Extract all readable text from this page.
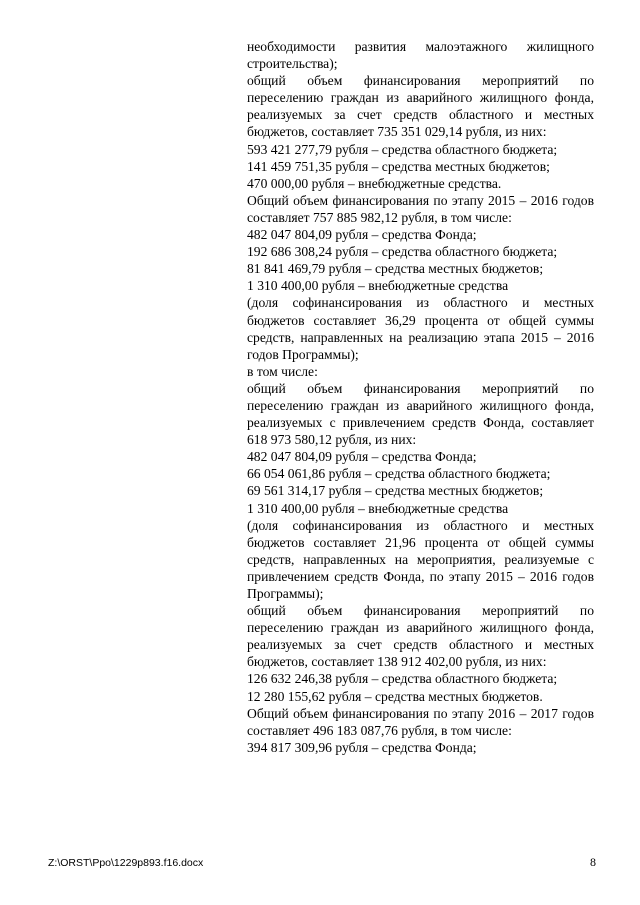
необходимости развития малоэтажного жилищного строительства);

общий объем финансирования мероприятий по переселению граждан из аварийного жилищного фонда, реализуемых за счет средств областного и местных бюджетов, составляет 735 351 029,14 рубля, из них:

593 421 277,79 рубля – средства областного бюджета;

141 459 751,35 рубля – средства местных бюджетов;

470 000,00 рубля – внебюджетные средства.

Общий объем финансирования по этапу 2015 – 2016 годов составляет 757 885 982,12 рубля, в том числе:

482 047 804,09 рубля – средства Фонда;

192 686 308,24 рубля – средства областного бюджета;

81 841 469,79 рубля – средства местных бюджетов;

1 310 400,00 рубля – внебюджетные средства

(доля софинансирования из областного и местных бюджетов составляет 36,29 процента от общей суммы средств, направленных на реализацию этапа 2015 – 2016 годов Программы);

в том числе:

общий объем финансирования мероприятий по переселению граждан из аварийного жилищного фонда, реализуемых с привлечением средств Фонда, составляет 618 973 580,12 рубля, из них:

482 047 804,09 рубля – средства Фонда;

66 054 061,86 рубля – средства областного бюджета;

69 561 314,17 рубля – средства местных бюджетов;

1 310 400,00 рубля – внебюджетные средства

(доля софинансирования из областного и местных бюджетов составляет 21,96 процента от общей суммы средств, направленных на мероприятия, реализуемые с привлечением средств Фонда, по этапу 2015 – 2016 годов Программы);

общий объем финансирования мероприятий по переселению граждан из аварийного жилищного фонда, реализуемых за счет средств областного и местных бюджетов, составляет 138 912 402,00 рубля, из них:

126 632 246,38 рубля – средства областного бюджета;

12 280 155,62 рубля – средства местных бюджетов.

Общий объем финансирования по этапу 2016 – 2017 годов составляет 496 183 087,76 рубля, в том числе:

394 817 309,96 рубля – средства Фонда;

Z:\ORST\Ppo\1229p893.f16.docx	8
